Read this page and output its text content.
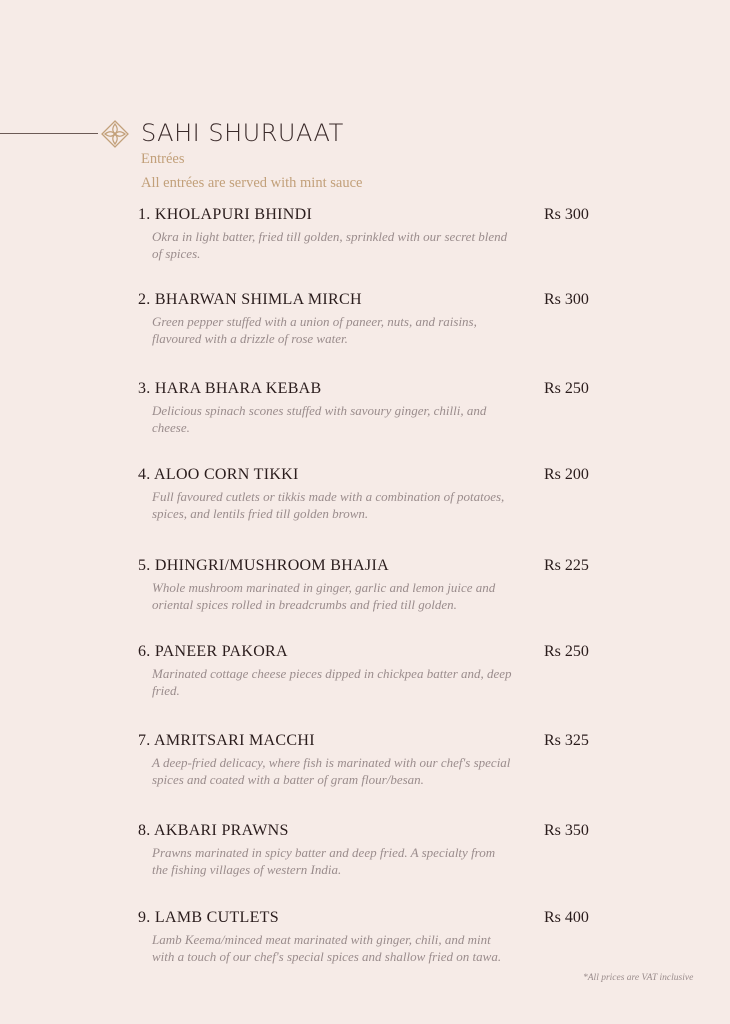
SAHI SHURUAAT
Entrées
All entrées are served with mint sauce
1. KHOLAPURI BHINDI	Rs 300
Okra in light batter, fried till golden, sprinkled with our secret blend of spices.
2. BHARWAN SHIMLA MIRCH	Rs 300
Green pepper stuffed with a union of paneer, nuts, and raisins, flavoured with a drizzle of rose water.
3. HARA BHARA KEBAB	Rs 250
Delicious spinach scones stuffed with savoury ginger, chilli, and cheese.
4. ALOO CORN TIKKI	Rs 200
Full favoured cutlets or tikkis made with a combination of potatoes, spices, and lentils fried till golden brown.
5. DHINGRI/MUSHROOM BHAJIA	Rs 225
Whole mushroom marinated in ginger, garlic and lemon juice and oriental spices rolled in breadcrumbs and fried till golden.
6. PANEER PAKORA	Rs 250
Marinated cottage cheese pieces dipped in chickpea batter and, deep fried.
7. AMRITSARI MACCHI	Rs 325
A deep-fried delicacy, where fish is marinated with our chef's special spices and coated with a batter of gram flour/besan.
8. AKBARI PRAWNS	Rs 350
Prawns marinated in spicy batter and deep fried. A specialty from the fishing villages of western India.
9. LAMB CUTLETS	Rs 400
Lamb Keema/minced meat marinated with ginger, chili, and mint with a touch of our chef's special spices and shallow fried on tawa.
*All prices are VAT inclusive
